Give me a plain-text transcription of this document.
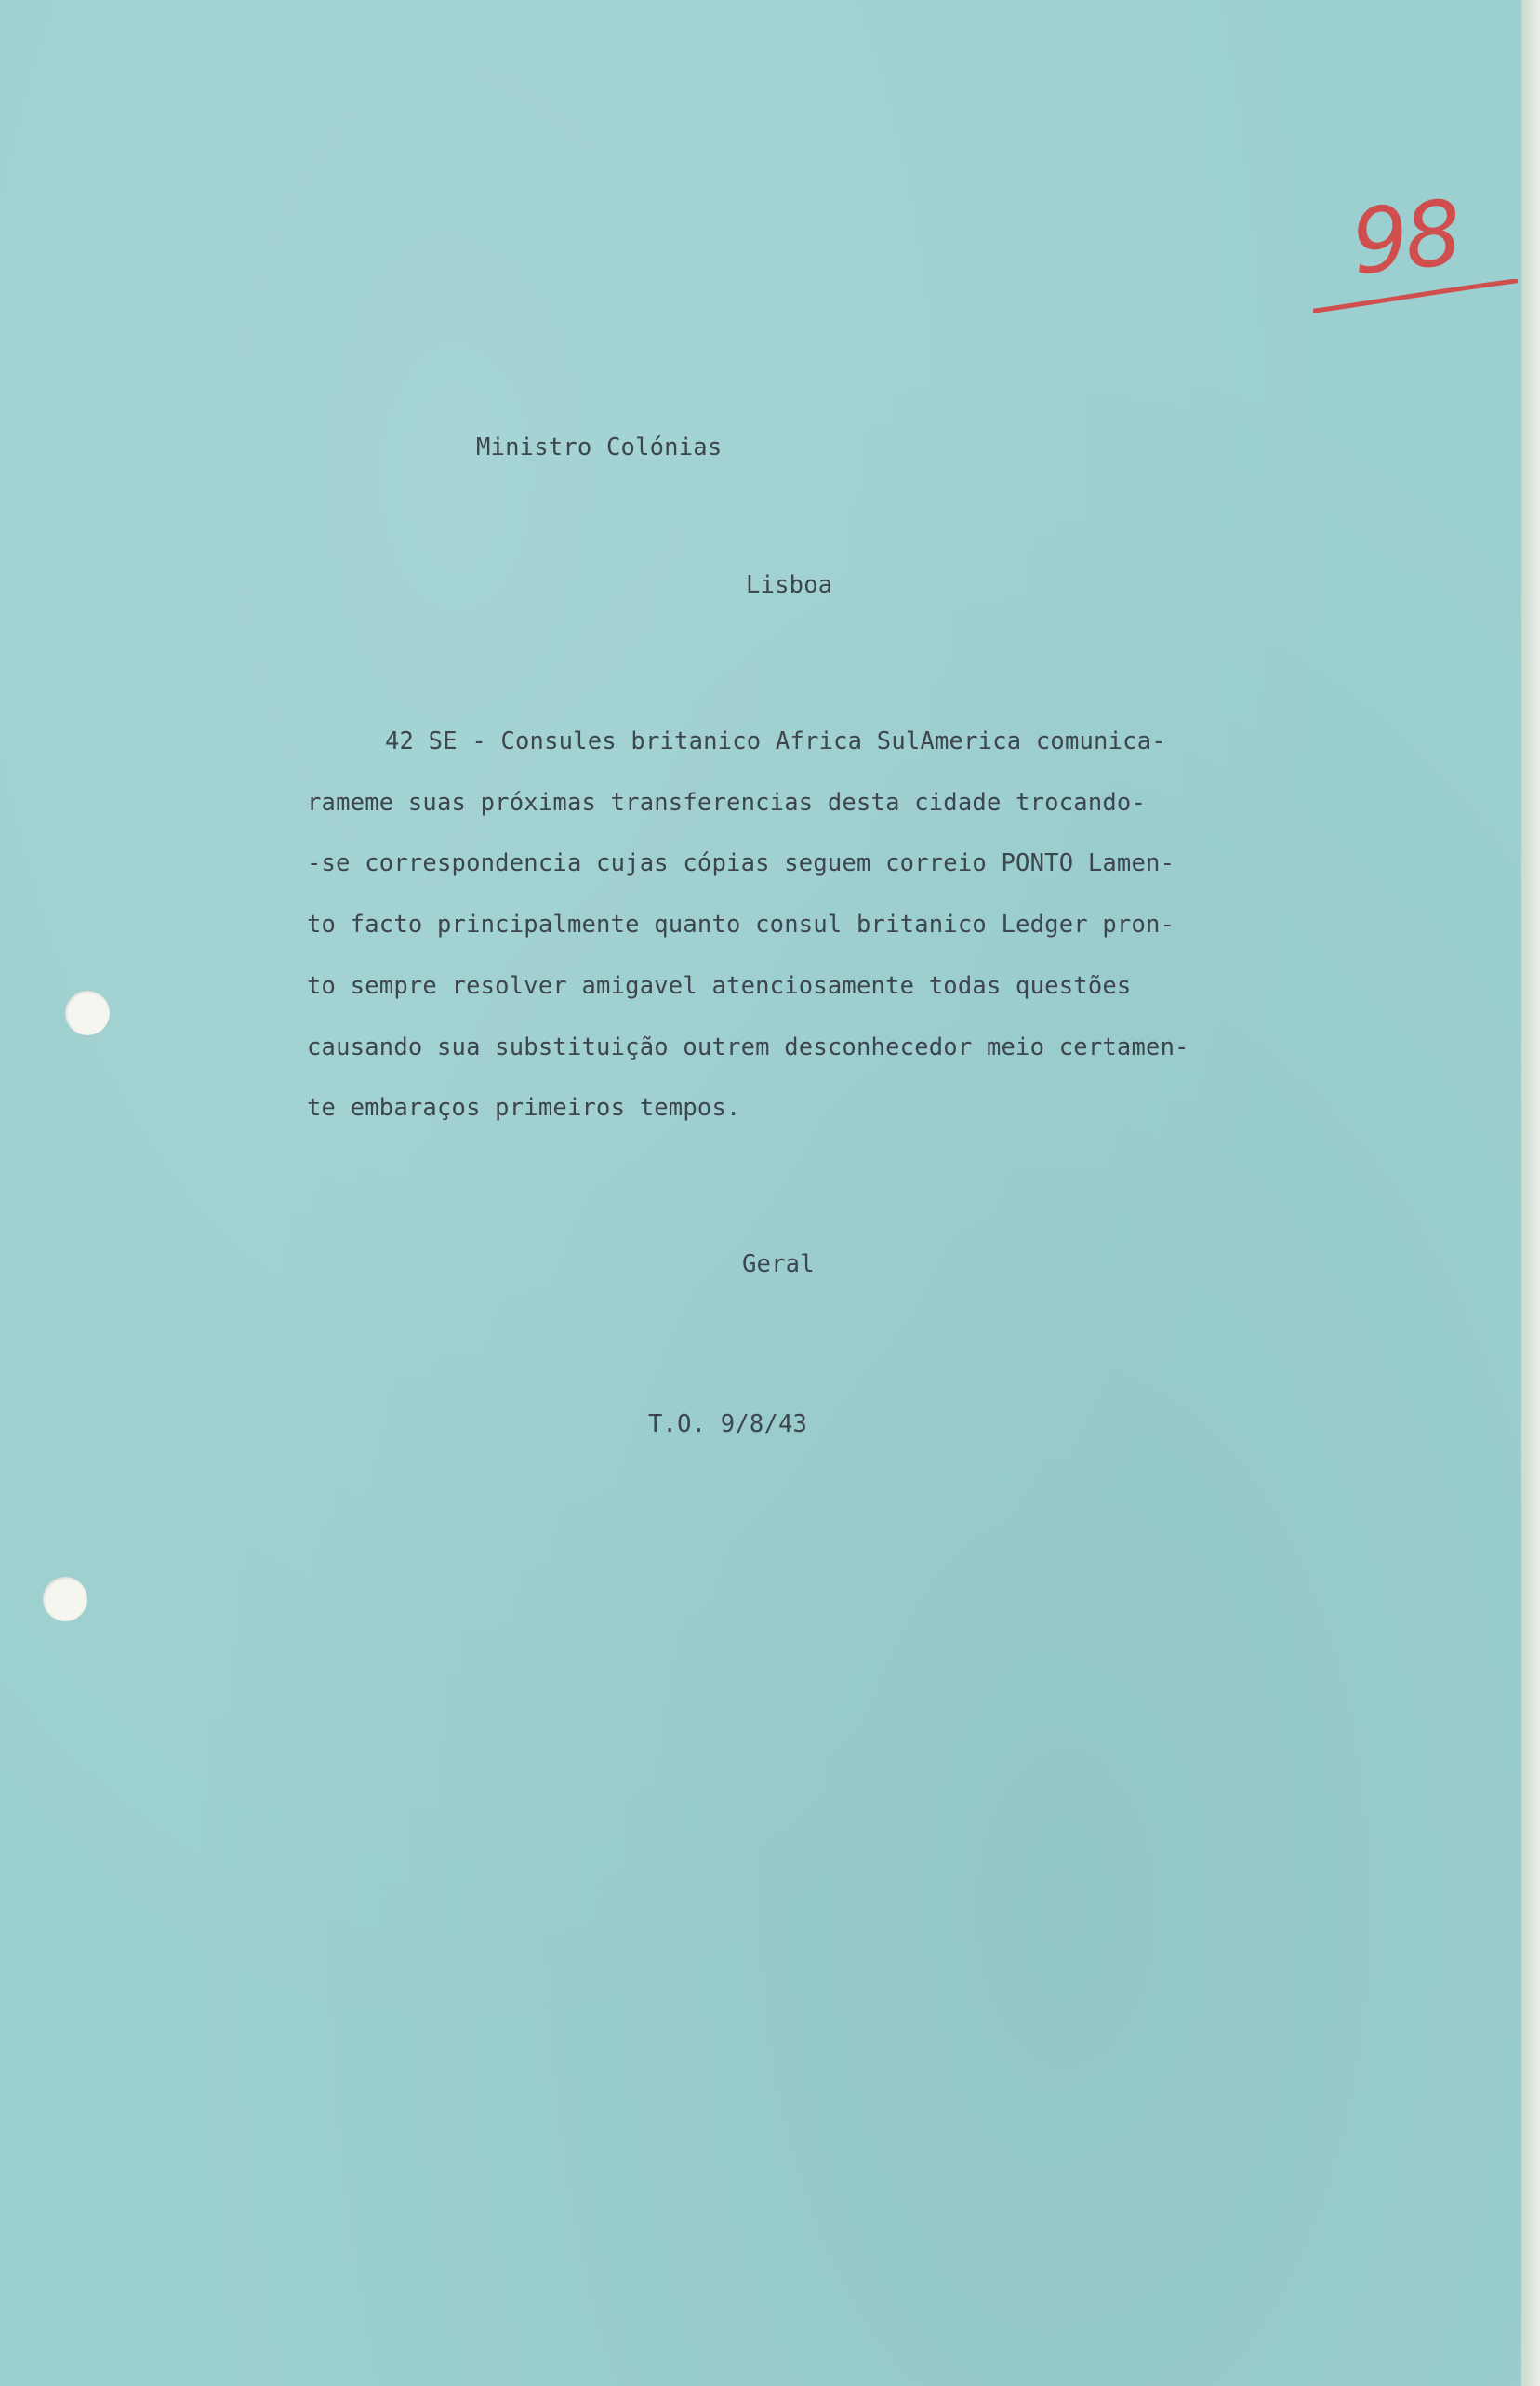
98
Ministro Colónias
Lisboa
42 SE - Consules britanico Africa SulAmerica comunica-
rameme suas próximas transferencias desta cidade trocando-
-se correspondencia cujas cópias seguem correio PONTO Lamen-
to facto principalmente quanto consul britanico Ledger pron-
to sempre resolver amigavel atenciosamente todas questões
causando sua substituição outrem desconhecedor meio certamen-
te embaraços primeiros tempos.
Geral
T.O. 9/8/43
